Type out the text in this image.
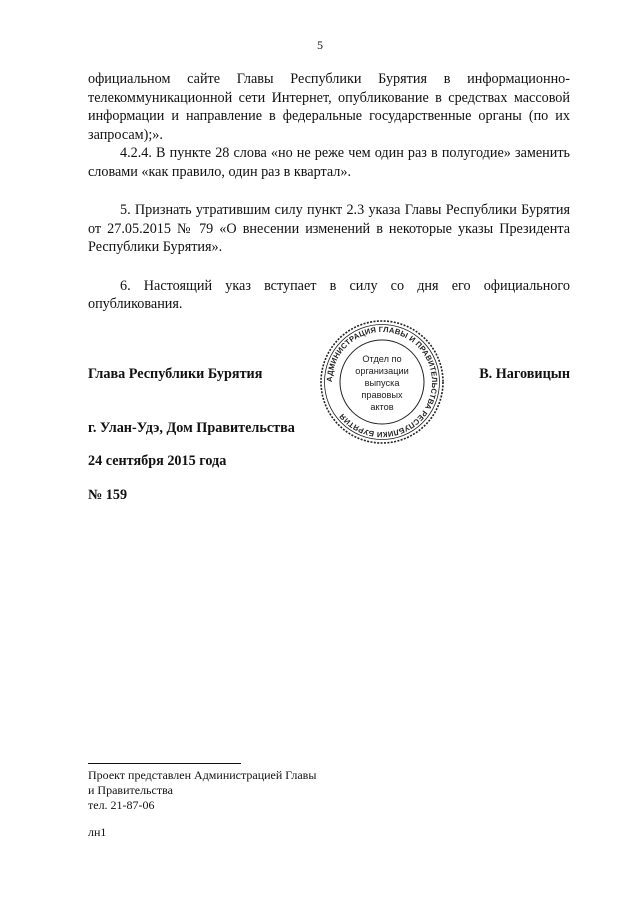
5

официальном сайте Главы Республики Бурятия в информационно-телекоммуникационной сети Интернет, опубликование в средствах массовой информации и направление в федеральные государственные органы (по их запросам);».

4.2.4. В пункте 28 слова «но не реже чем один раз в полугодие» заменить словами «как правило, один раз в квартал».

5. Признать утратившим силу пункт 2.3 указа Главы Республики Бурятия от 27.05.2015 № 79 «О внесении изменений в некоторые указы Президента Республики Бурятия».

6. Настоящий указ вступает в силу со дня его официального опубликования.

Глава Республики Бурятия	В. Наговицын
АДМИНИСТРАЦИЯ ГЛАВЫ И ПРАВИТЕЛЬСТВА РЕСПУБЛИКИ БУРЯТИЯ
Отдел по
организации
выпуска
правовых
актов
г. Улан-Удэ, Дом Правительства
24 сентября 2015 года
№ 159
Проект представлен Администрацией Главы
и Правительства
тел. 21-87-06
лн1
